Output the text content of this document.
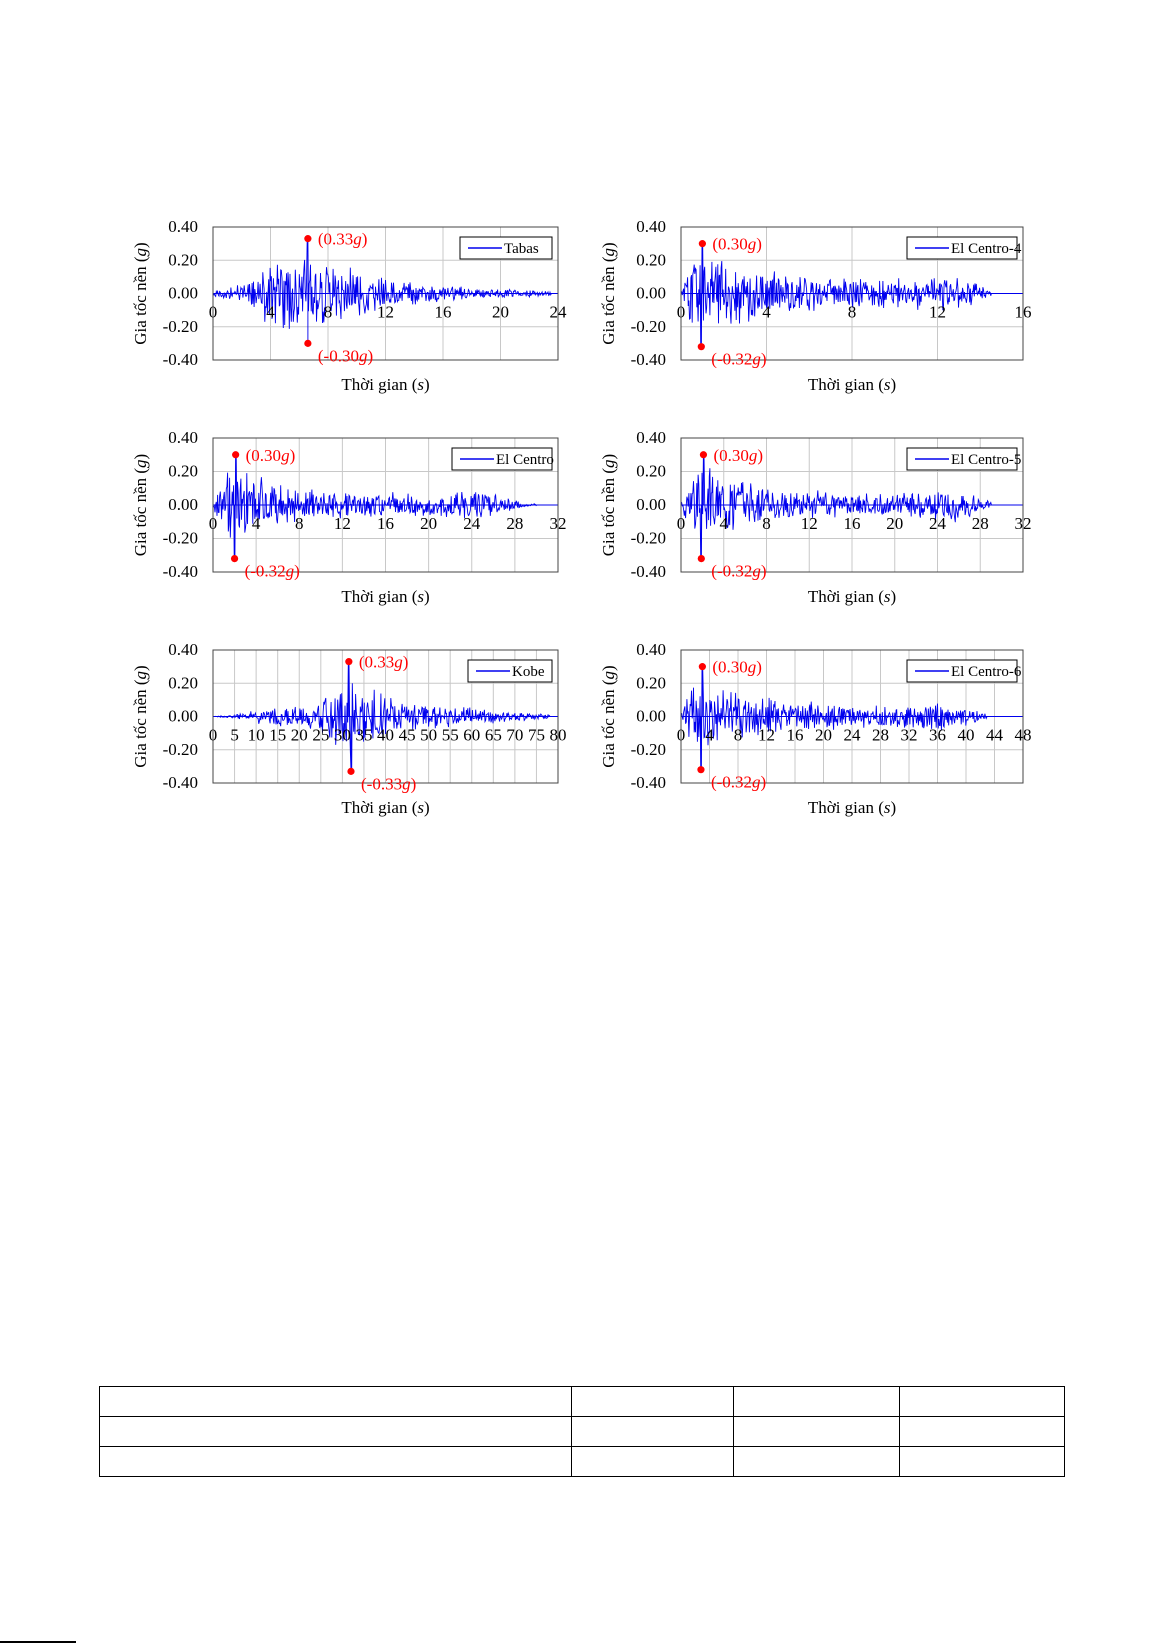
0.40
0.20
0.00
-0.20
-0.40
0	4	8	12 16 20 24
Thời gian (s)
Gia tốc nền (g)	Tabas
(0.33g)
(-0.30g)
0.40
0.20
0.00
-0.20
-0.40
0	4	8	12	16
Thời gian (s)
Gia tốc nền (g)	El Centro-4
(0.30g)
(-0.32g)
0.40
0.20
0.00
-0.20
-0.40
0 4 8 12 16 20 24 28 32
Thời gian (s)
Gia tốc nền (g)	El Centro
(0.30g)
(-0.32g)
0.40
0.20
0.00
-0.20
-0.40
0 4 8 12 16 20 24 28 32
Thời gian (s)
Gia tốc nền (g)	El Centro-5
(0.30g)
(-0.32g)
0.40
0.20
0.00
-0.20
-0.40
0 5 10 15 20 25 30 35 40 45 50 55 60 65 70 75 80
Thời gian (s)
Gia tốc nền (g)	Kobe
(0.33g)
(-0.33g)
0.40
0.20
0.00
-0.20
-0.40
0 4 8 12 16 20 24 28 32 36 40 44 48
Thời gian (s)
Gia tốc nền (g)	El Centro-6
(0.30g)
(-0.32g)
